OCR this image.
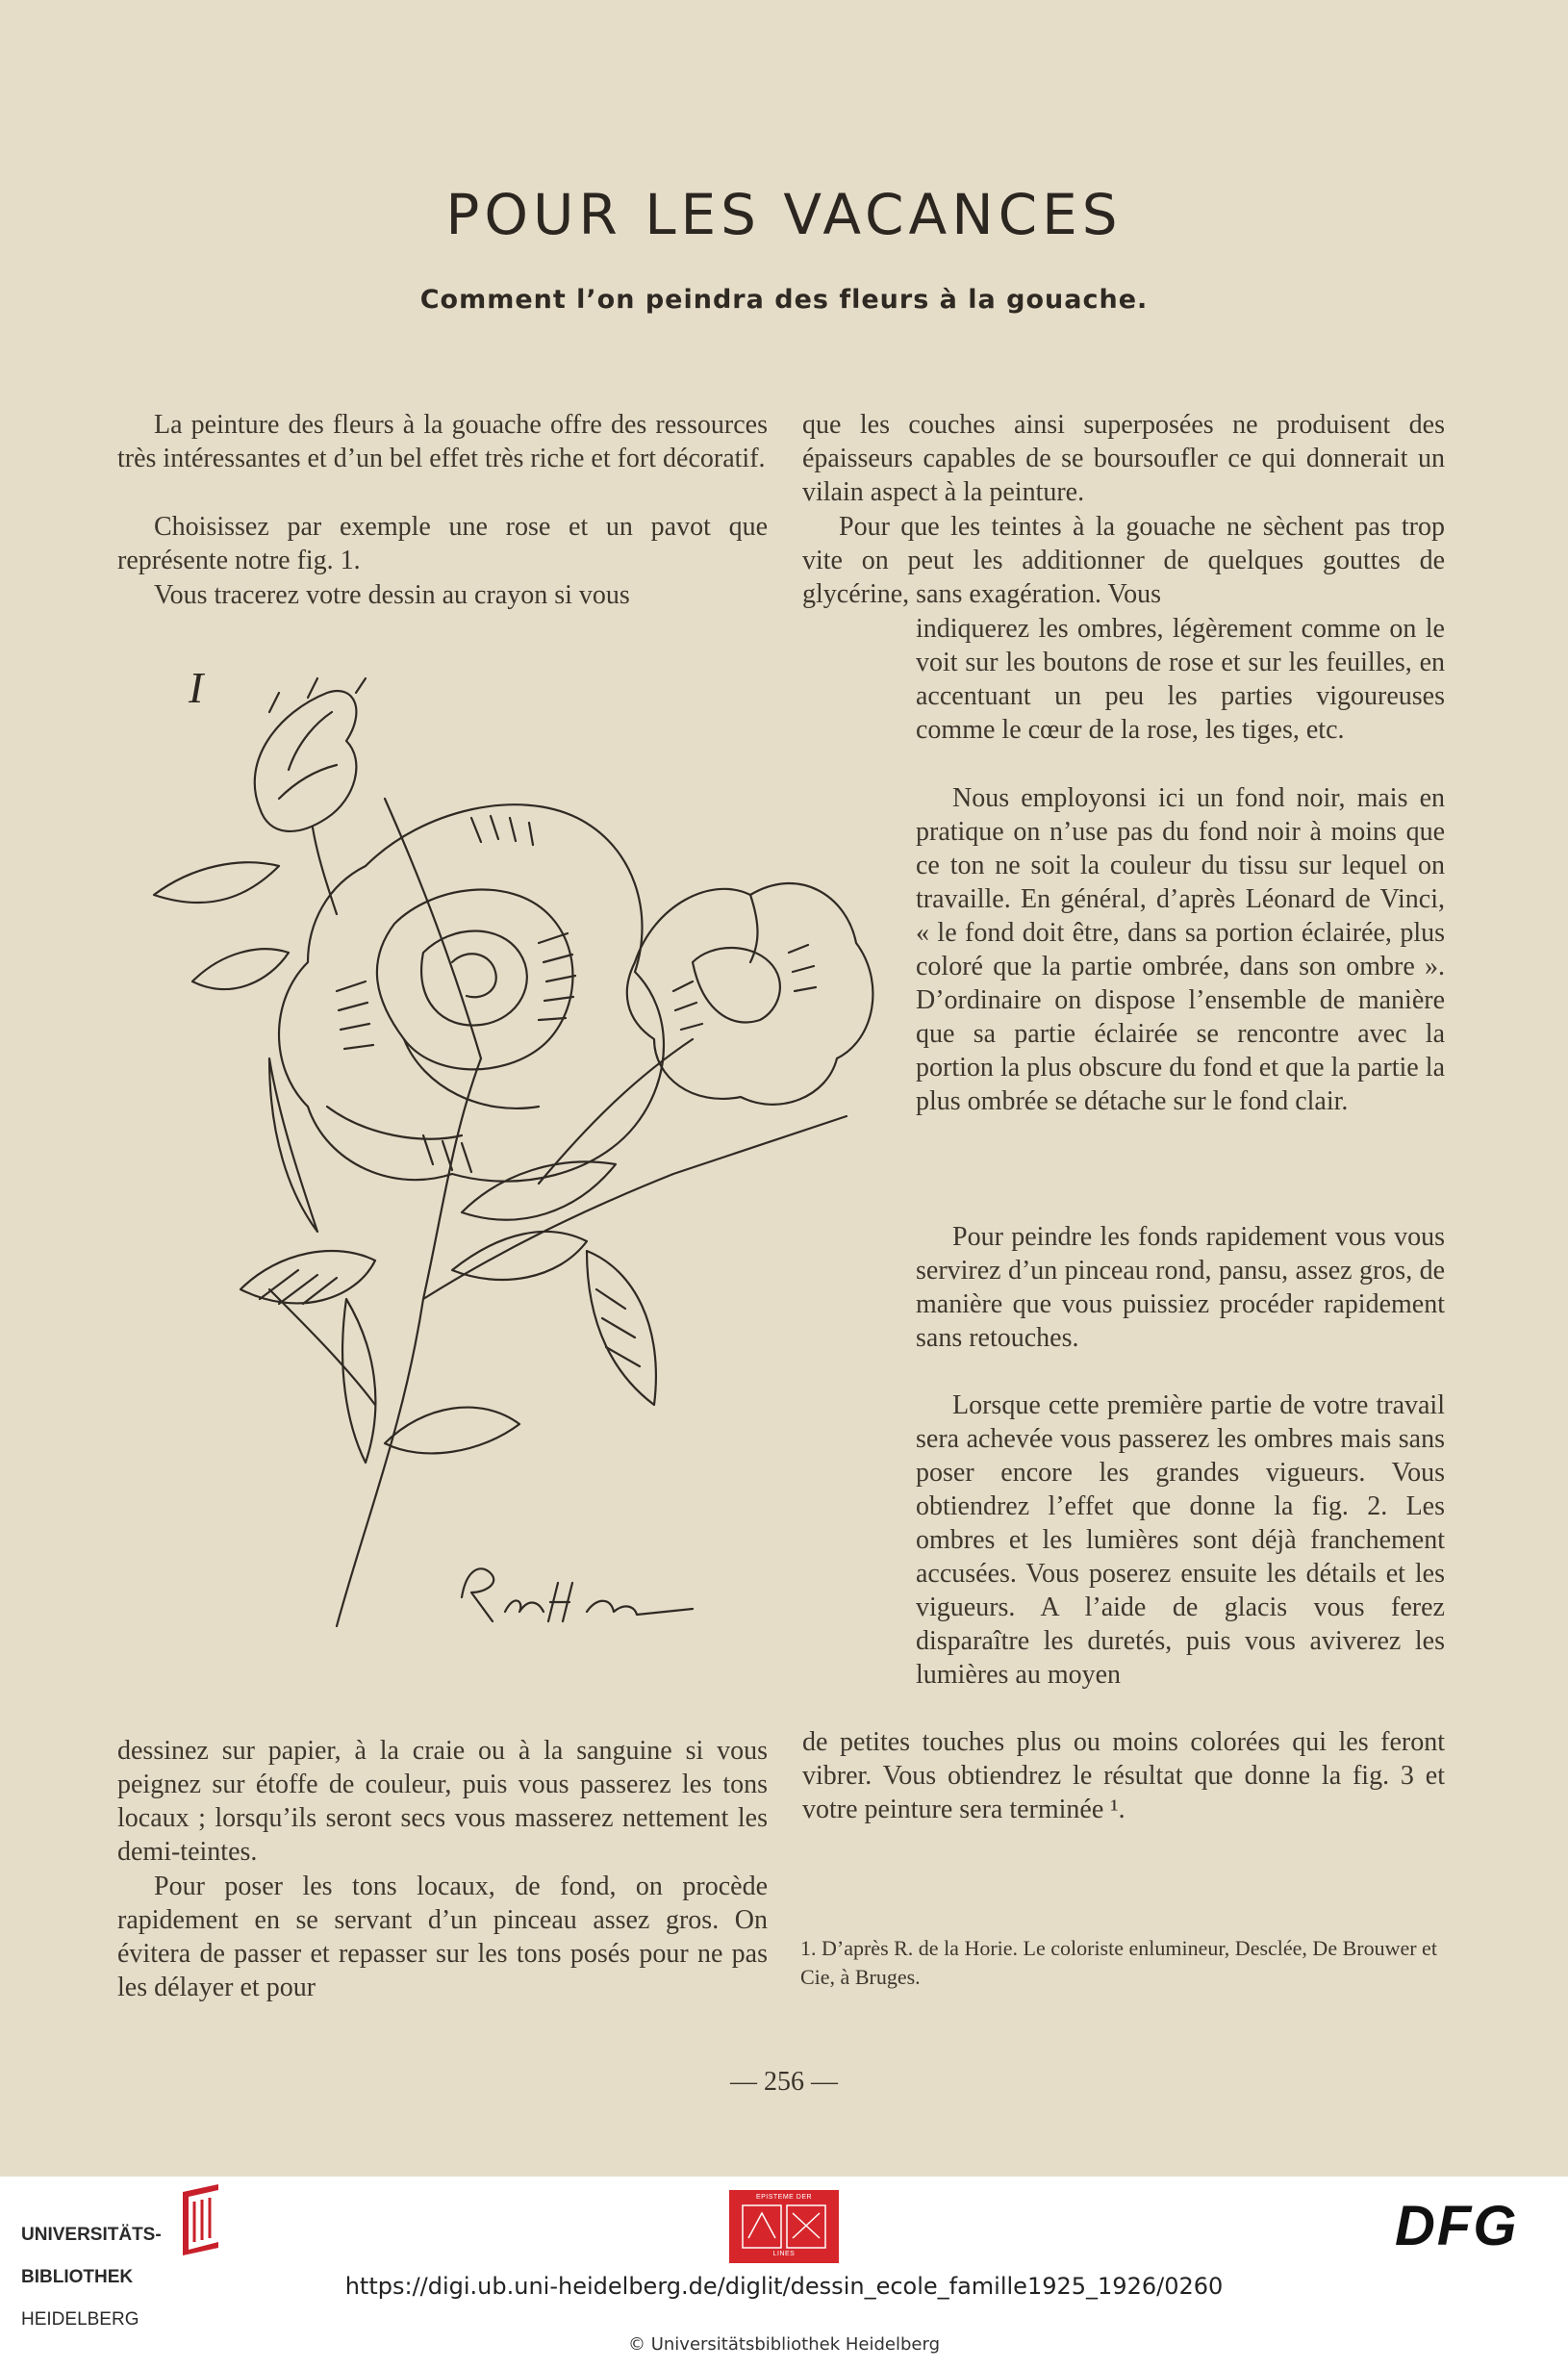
POUR LES VACANCES
Comment l’on peindra des fleurs à la gouache.

La peinture des fleurs à la gouache offre des ressources très intéressantes et d’un bel effet très riche et fort décoratif.

Choisissez par exemple une rose et un pavot que représente notre fig. 1.

Vous tracerez votre dessin au crayon si vous

I

dessinez sur papier, à la craie ou à la sanguine si vous peignez sur étoffe de couleur, puis vous passerez les tons locaux ; lorsqu’ils seront secs vous masserez nettement les demi-teintes.

Pour poser les tons locaux, de fond, on procède rapidement en se servant d’un pinceau assez gros. On évitera de passer et repasser sur les tons posés pour ne pas les délayer et pour

que les couches ainsi superposées ne produisent des épaisseurs capables de se boursoufler ce qui donnerait un vilain aspect à la peinture.

Pour que les teintes à la gouache ne sèchent pas trop vite on peut les additionner de quelques gouttes de glycérine, sans exagération. Vous

indiquerez les ombres, légèrement comme on le voit sur les boutons de rose et sur les feuilles, en accentuant un peu les parties vigoureuses comme le cœur de la rose, les tiges, etc.

Nous employonsi ici un fond noir, mais en pratique on n’use pas du fond noir à moins que ce ton ne soit la couleur du tissu sur lequel on travaille. En général, d’après Léonard de Vinci, « le fond doit être, dans sa portion éclairée, plus coloré que la partie ombrée, dans son ombre ». D’ordinaire on dispose l’ensemble de manière que sa partie éclairée se rencontre avec la portion la plus obscure du fond et que la partie la plus ombrée se détache sur le fond clair.

Pour peindre les fonds rapidement vous vous servirez d’un pinceau rond, pansu, assez gros, de manière que vous puissiez procéder rapidement sans retouches.

Lorsque cette première partie de votre travail sera achevée vous passerez les ombres mais sans poser encore les grandes vigueurs. Vous obtiendrez l’effet que donne la fig. 2. Les ombres et les lumières sont déjà franchement accusées. Vous poserez ensuite les détails et les vigueurs. A l’aide de glacis vous ferez disparaître les duretés, puis vous aviverez les lumières au moyen

de petites touches plus ou moins colorées qui les feront vibrer. Vous obtiendrez le résultat que donne la fig. 3 et votre peinture sera terminée ¹.

1. D’après R. de la Horie. Le coloriste enlumineur, Desclée, De Brouwer et Cie, à Bruges.

— 256 —

UNIVERSITÄTS-

BIBLIOTHEK

HEIDELBERG

EPISTEME DER
LINES	DFG
https://digi.ub.uni-heidelberg.de/diglit/dessin_ecole_famille1925_1926/0260
© Universitätsbibliothek Heidelberg
